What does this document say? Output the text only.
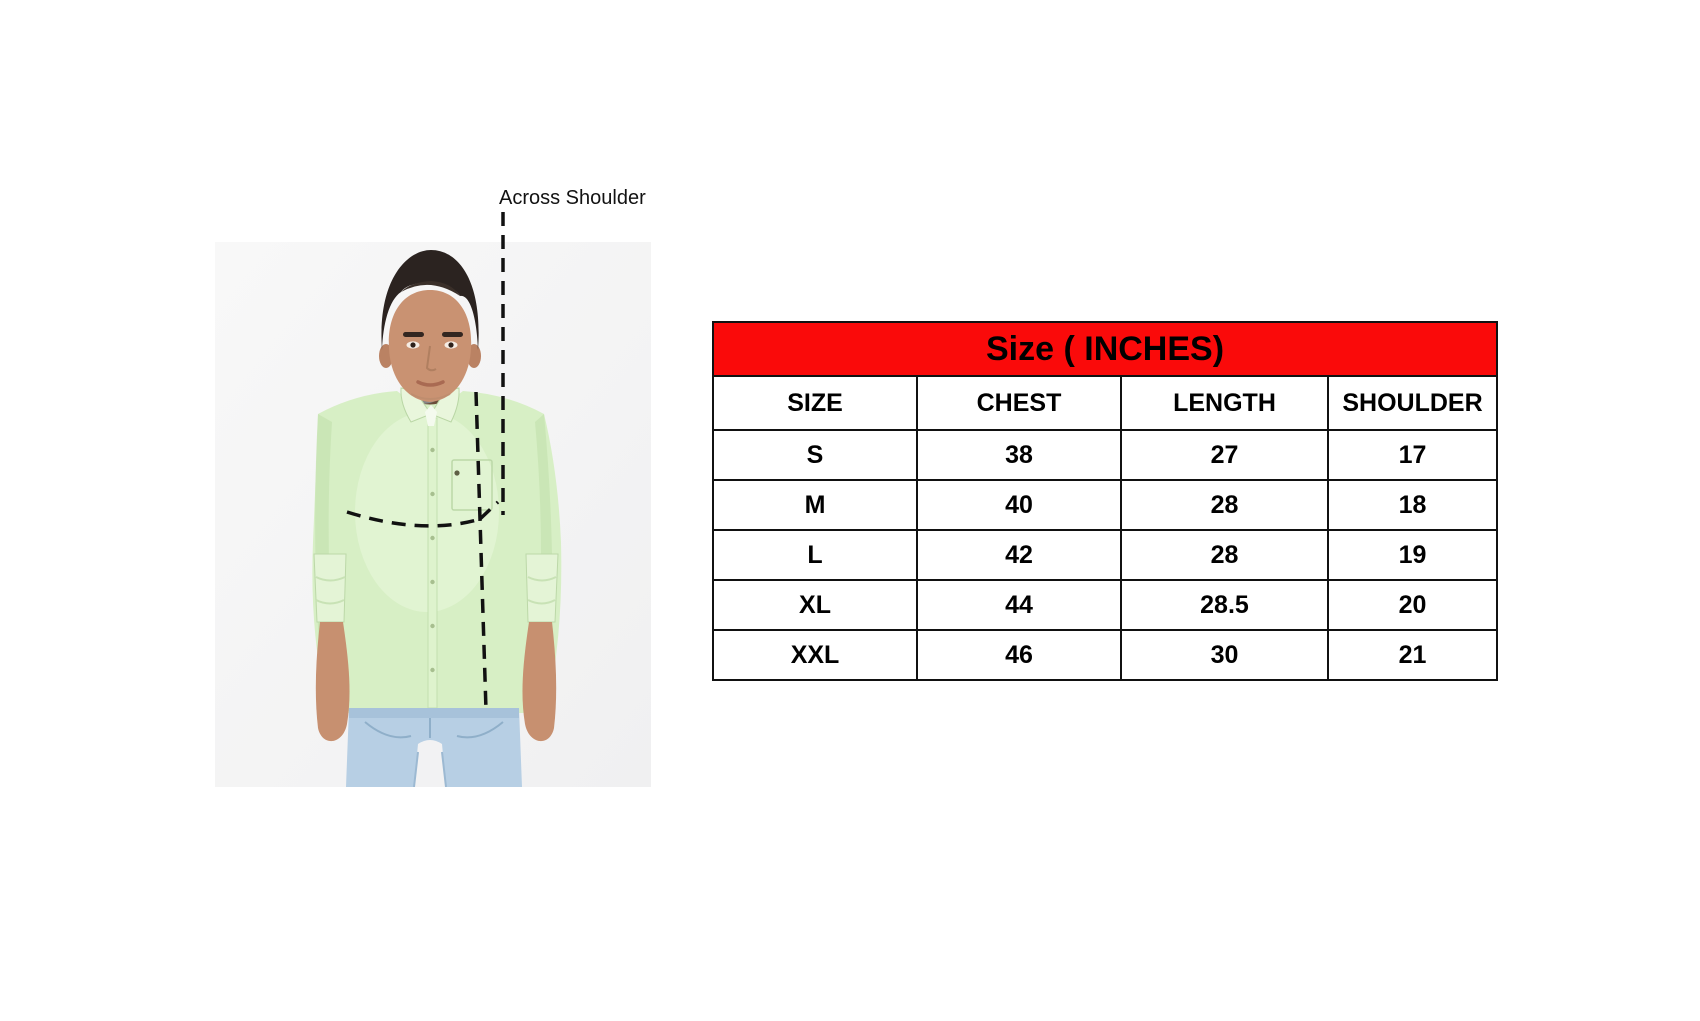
Across Shoulder
Size ( INCHES)			
SIZE	CHEST	LENGTH	SHOULDER
S	38	27	17
M	40	28	18
L	42	28	19
XL	44	28.5	20
XXL	46	30	21
